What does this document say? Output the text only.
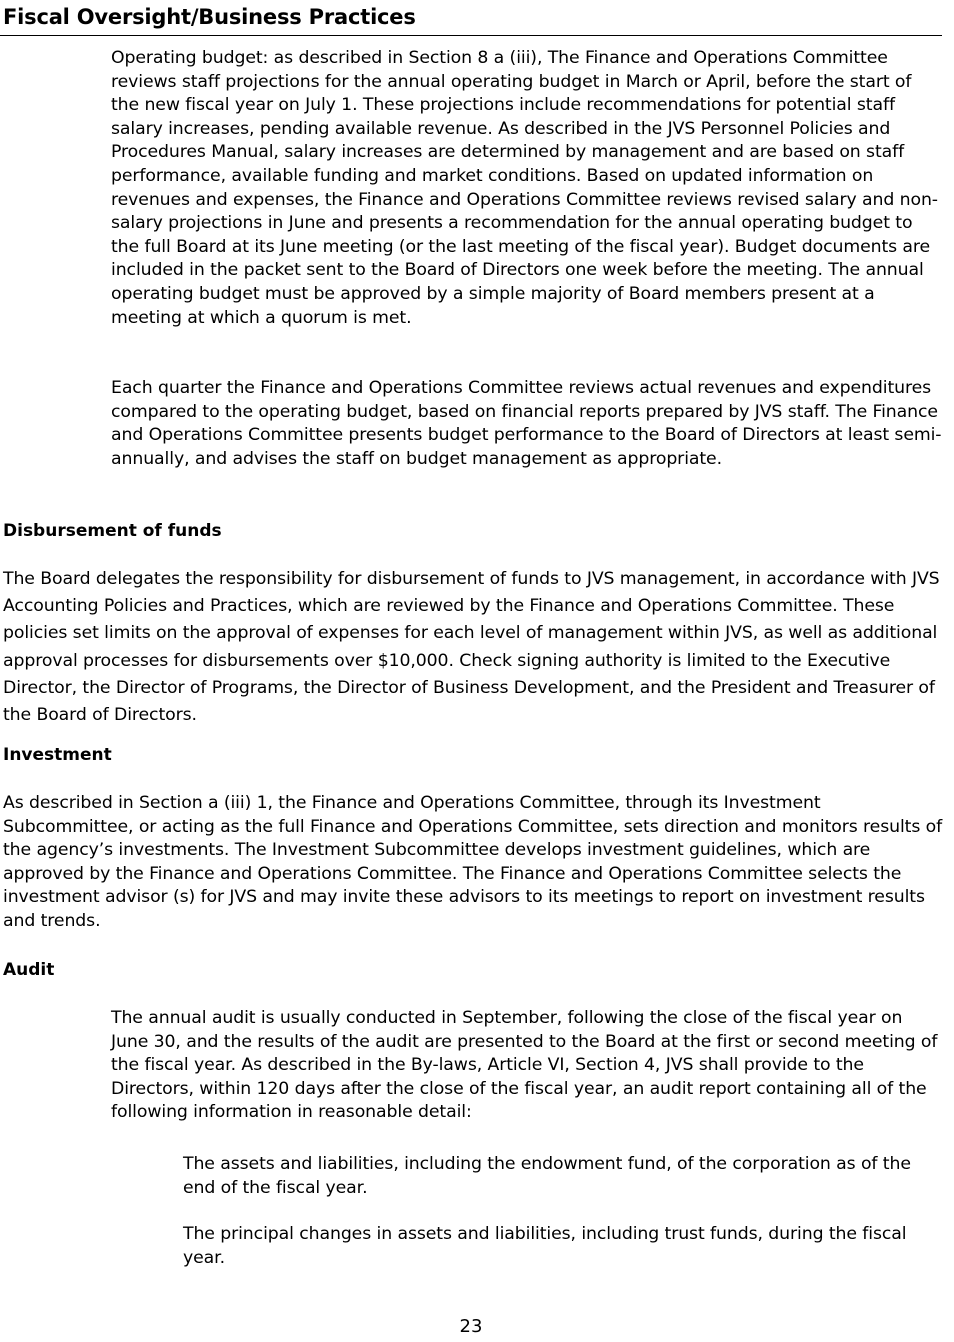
Fiscal Oversight/Business Practices

Operating budget: as described in Section 8 a (iii), The Finance and Operations Committee reviews staff projections for the annual operating budget in March or April, before the start of the new fiscal year on July 1. These projections include recommendations for potential staff salary increases, pending available revenue. As described in the JVS Personnel Policies and Procedures Manual, salary increases are determined by management and are based on staff performance, available funding and market conditions. Based on updated information on revenues and expenses, the Finance and Operations Committee reviews revised salary and non-salary projections in June and presents a recommendation for the annual operating budget to the full Board at its June meeting (or the last meeting of the fiscal year). Budget documents are included in the packet sent to the Board of Directors one week before the meeting. The annual operating budget must be approved by a simple majority of Board members present at a meeting at which a quorum is met.

Each quarter the Finance and Operations Committee reviews actual revenues and expenditures compared to the operating budget, based on financial reports prepared by JVS staff. The Finance and Operations Committee presents budget performance to the Board of Directors at least semi-annually, and advises the staff on budget management as appropriate.

Disbursement of funds

The Board delegates the responsibility for disbursement of funds to JVS management, in accordance with JVS Accounting Policies and Practices, which are reviewed by the Finance and Operations Committee. These policies set limits on the approval of expenses for each level of management within JVS, as well as additional approval processes for disbursements over $10,000. Check signing authority is limited to the Executive Director, the Director of Programs, the Director of Business Development, and the President and Treasurer of the Board of Directors.

Investment

As described in Section a (iii) 1, the Finance and Operations Committee, through its Investment Subcommittee, or acting as the full Finance and Operations Committee, sets direction and monitors results of the agency’s investments. The Investment Subcommittee develops investment guidelines, which are approved by the Finance and Operations Committee. The Finance and Operations Committee selects the investment advisor (s) for JVS and may invite these advisors to its meetings to report on investment results and trends.

Audit

The annual audit is usually conducted in September, following the close of the fiscal year on June 30, and the results of the audit are presented to the Board at the first or second meeting of the fiscal year. As described in the By-laws, Article VI, Section 4, JVS shall provide to the Directors, within 120 days after the close of the fiscal year, an audit report containing all of the following information in reasonable detail:

The assets and liabilities, including the endowment fund, of the corporation as of the end of the fiscal year.

The principal changes in assets and liabilities, including trust funds, during the fiscal year.

23
